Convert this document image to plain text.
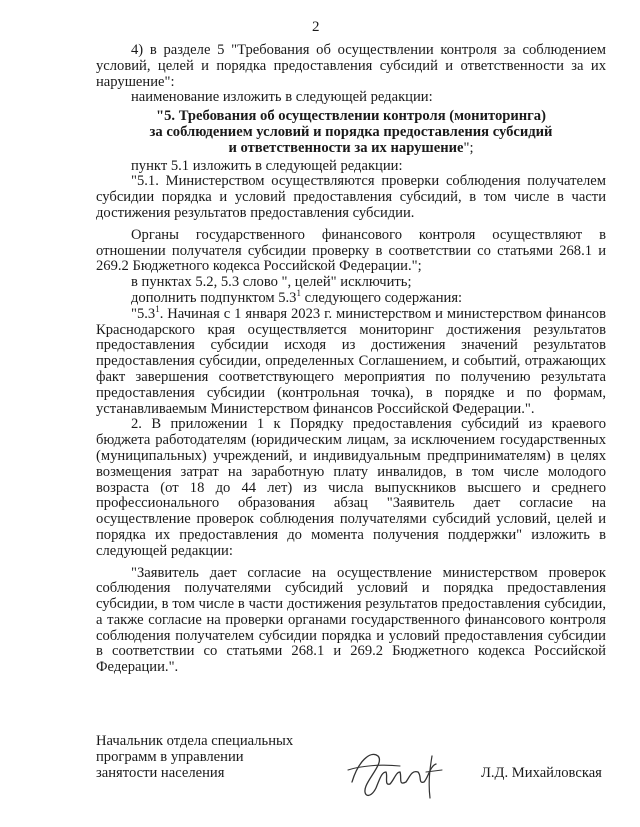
2

4) в разделе 5 "Требования об осуществлении контроля за соблюдением условий, целей и порядка предоставления субсидий и ответственности за их нарушение":

наименование изложить в следующей редакции:

"5. Требования об осуществлении контроля (мониторинга)
за соблюдением условий и порядка предоставления субсидий
и ответственности за их нарушение";

пункт 5.1 изложить в следующей редакции:

"5.1. Министерством осуществляются проверки соблюдения получателем субсидии порядка и условий предоставления субсидий, в том числе в части достижения результатов предоставления субсидии.

Органы государственного финансового контроля осуществляют в отношении получателя субсидии проверку в соответствии со статьями 268.1 и 269.2 Бюджетного кодекса Российской Федерации.";

в пунктах 5.2, 5.3 слово ", целей" исключить;

дополнить подпунктом $5.3^1$ следующего содержания:

"$5.3^1$. Начиная с 1 января 2023 г. министерством и министерством финансов Краснодарского края осуществляется мониторинг достижения результатов предоставления субсидии исходя из достижения значений результатов предоставления субсидии, определенных Соглашением, и событий, отражающих факт завершения соответствующего мероприятия по получению результата предоставления субсидии (контрольная точка), в порядке и по формам, устанавливаемым Министерством финансов Российской Федерации.".

2. В приложении 1 к Порядку предоставления субсидий из краевого бюджета работодателям (юридическим лицам, за исключением государственных (муниципальных) учреждений, и индивидуальным предпринимателям) в целях возмещения затрат на заработную плату инвалидов, в том числе молодого возраста (от 18 до 44 лет) из числа выпускников высшего и среднего профессионального образования абзац "Заявитель дает согласие на осуществление проверок соблюдения получателями субсидий условий, целей и порядка их предоставления до момента получения поддержки" изложить в следующей редакции:

"Заявитель дает согласие на осуществление министерством проверок соблюдения получателями субсидий условий и порядка предоставления субсидии, в том числе в части достижения результатов предоставления субсидии, а также согласие на проверки органами государственного финансового контроля соблюдения получателем субсидии порядка и условий предоставления субсидии в соответствии со статьями 268.1 и 269.2 Бюджетного кодекса Российской Федерации.".

Начальник отдела специальных
программ в управлении
занятости населения	Л.Д. Михайловская
